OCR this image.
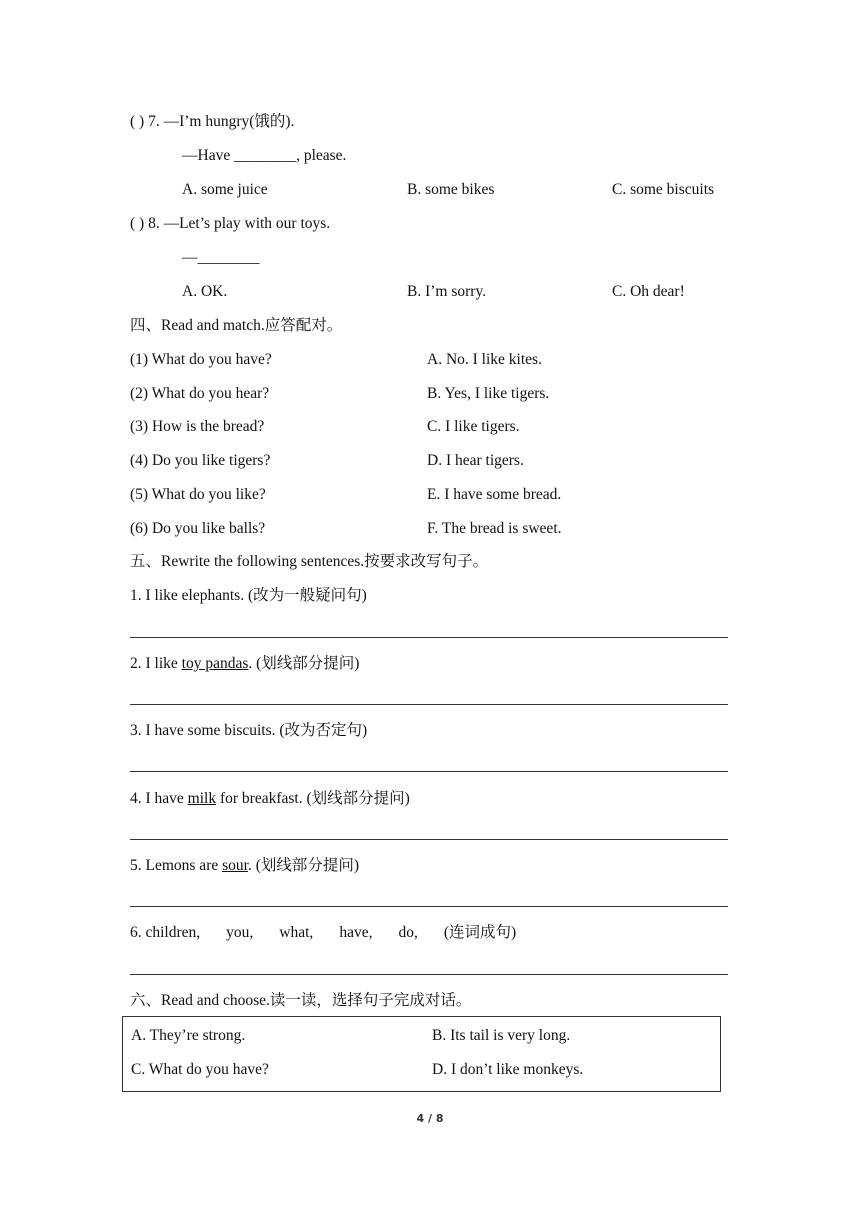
( ) 7. —I’m hungry(饿的).
—Have ________, please.
A. some juice	B. some bikes	C. some biscuits
( ) 8. —Let’s play with our toys.
—________
A. OK.	B. I’m sorry.	C. Oh dear!
四、Read and match.应答配对。
(1) What do you have?	A. No. I like kites.
(2) What do you hear?	B. Yes, I like tigers.
(3) How is the bread?	C. I like tigers.
(4) Do you like tigers?	D. I hear tigers.
(5) What do you like?	E. I have some bread.
(6) Do you like balls?	F. The bread is sweet.
五、Rewrite the following sentences.按要求改写句子。
1. I like elephants. (改为一般疑问句)
2. I like toy pandas. (划线部分提问)
3. I have some biscuits. (改为否定句)
4. I have milk for breakfast. (划线部分提问)
5. Lemons are sour. (划线部分提问)
6. children, you, what, have, do, (连词成句)
六、Read and choose.读一读，选择句子完成对话。
A. They’re strong.	B. Its tail is very long.
C. What do you have?	D. I don’t like monkeys.
4 / 8
